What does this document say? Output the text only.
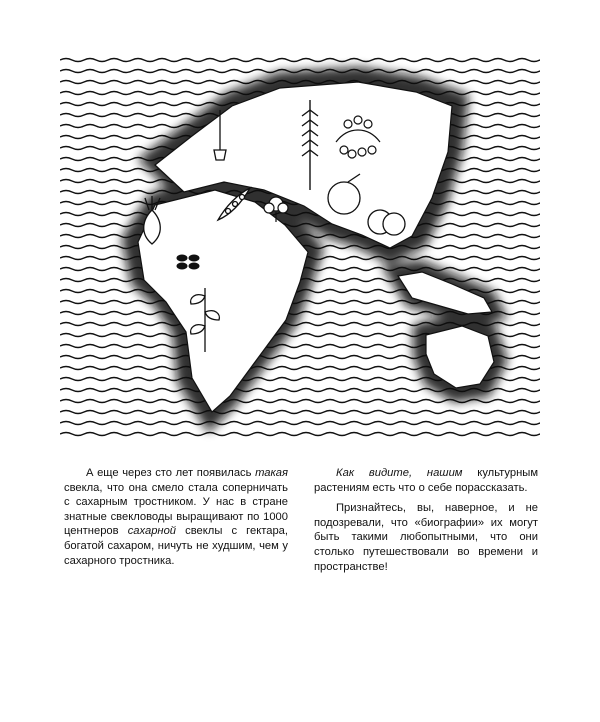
А еще через сто лет появилась такая свекла, что она смело стала соперничать с сахарным тростником. У нас в стране знатные свекловоды выращивают по 1000 центнеров сахарной свеклы с гектара, богатой сахаром, ничуть не худшим, чем у сахарного тростника.

Как видите, нашим культурным растениям есть что о себе порассказать.

Признайтесь, вы, наверное, и не подозревали, что «биографии» их могут быть такими любопытными, что они столько путешествовали во времени и пространстве!
